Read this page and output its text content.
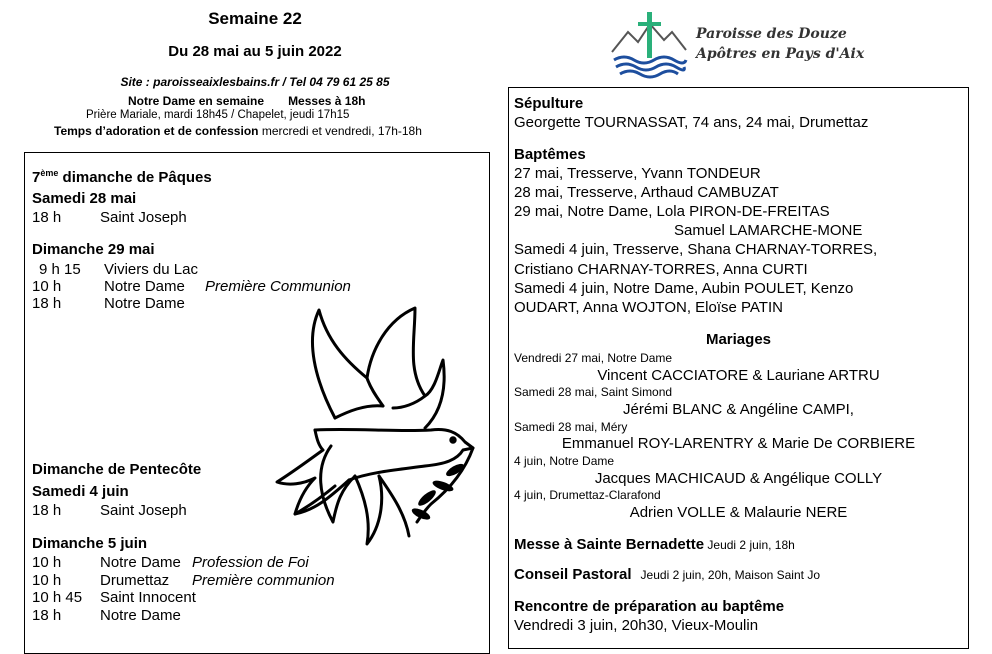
Semaine 22
Du 28 mai au 5 juin 2022
Site : paroisseaixlesbains.fr / Tel 04 79 61 25 85
Notre Dame en semaine Messes à 18h
Prière Mariale, mardi 18h45 / Chapelet, jeudi 17h15
Temps d’adoration et de confession mercredi et vendredi, 17h-18h
Paroisse des Douze
Apôtres en Pays d'Aix
7ème dimanche de Pâques
Samedi 28 mai
18 h	Saint Joseph
Dimanche 29 mai
9 h 15 Viviers du Lac
10 h	Notre Dame Première Communion
18 h	Notre Dame
Dimanche de Pentecôte
Samedi 4 juin
18 h	Saint Joseph
Dimanche 5 juin
10 h	Notre Dame Profession de Foi
10 h	Drumettaz Première communion
10 h 45 Saint Innocent
18 h	Notre Dame
Sépulture
Georgette TOURNASSAT, 74 ans, 24 mai, Drumettaz
Baptêmes
27 mai, Tresserve, Yvann TONDEUR
28 mai, Tresserve, Arthaud CAMBUZAT
29 mai, Notre Dame, Lola PIRON-DE-FREITAS
Samuel LAMARCHE-MONE
Samedi 4 juin, Tresserve, Shana CHARNAY-TORRES,
Cristiano CHARNAY-TORRES, Anna CURTI
Samedi 4 juin, Notre Dame, Aubin POULET, Kenzo
OUDART, Anna WOJTON, Eloïse PATIN
Mariages
Vendredi 27 mai, Notre Dame
Vincent CACCIATORE & Lauriane ARTRU
Samedi 28 mai, Saint Simond
Jérémi BLANC & Angéline CAMPI,
Samedi 28 mai, Méry
Emmanuel ROY-LARENTRY & Marie De CORBIERE
4 juin, Notre Dame
Jacques MACHICAUD & Angélique COLLY
4 juin, Drumettaz-Clarafond
Adrien VOLLE & Malaurie NERE
Messe à Sainte Bernadette Jeudi 2 juin, 18h
Conseil Pastoral Jeudi 2 juin, 20h, Maison Saint Jo
Rencontre de préparation au baptême
Vendredi 3 juin, 20h30, Vieux-Moulin
